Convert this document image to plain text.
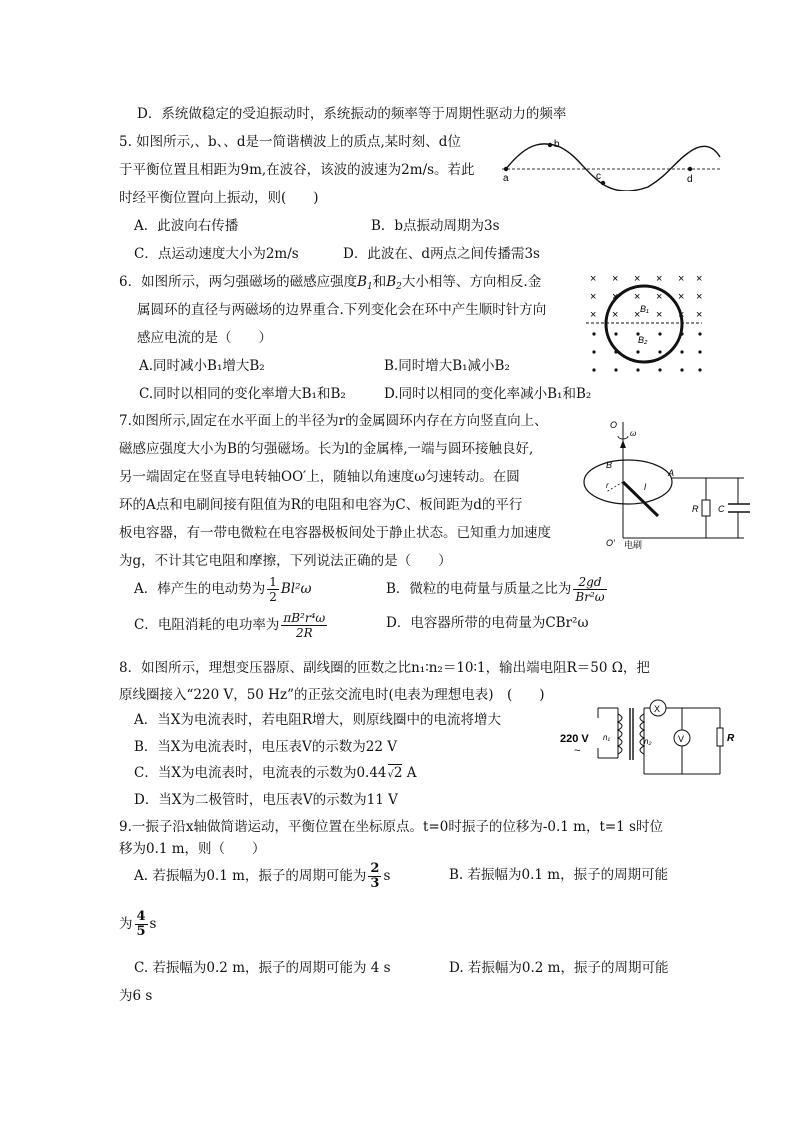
D．系统做稳定的受迫振动时，系统振动的频率等于周期性驱动力的频率
5. 如图所示,、b、、d是一简谐横波上的质点,某时刻、d位
于平衡位置且相距为9m,在波谷，该波的波速为2m/s。若此
时经平衡位置向上振动，则(　　)
A．此波向右传播	B．b点振动周期为3s
C．点运动速度大小为2m/s	D．此波在、d两点之间传播需3s
a
b
c	d
6．如图所示，两匀强磁场的磁感应强度$B_1$和$B_2$大小相等、方向相反.金
属圆环的直径与两磁场的边界重合.下列变化会在环中产生顺时针方向
感应电流的是（　　）
A.同时减小B₁增大B₂	B.同时增大B₁减小B₂
C.同时以相同的变化率增大B₁和B₂	D.同时以相同的变化率减小B₁和B₂
× × × × × ×
× × × × × ×
× × × × × ×
B₁
B₂
7.如图所示,固定在水平面上的半径为r的金属圆环内存在方向竖直向上、
磁感应强度大小为B的匀强磁场。长为l的金属棒,一端与圆环接触良好,
另一端固定在竖直导电转轴OO′上，随轴以角速度ω匀速转动。在圆
环的A点和电刷间接有阻值为R的电阻和电容为C、板间距为d的平行
板电容器，有一带电微粒在电容器极板间处于静止状态。已知重力加速度
为g，不计其它电阻和摩擦，下列说法正确的是（　　）
A．棒产生的电动势为 $\frac{1}{2} Bl^2\omega$	B．微粒的电荷量与质量之比为 $\frac{2gd}{\text{Br²ω}}$
C．电阻消耗的电功率为 $\frac{\text{πB²r⁴ω}}{2R}$	D．电容器所带的电荷量为CBr²ω
O
ω
B
A
r	l
R C
O′ 电刷
8．如图所示，理想变压器原、副线圈的匝数之比n₁∶n₂＝10∶1，输出端电阻R＝50 Ω，把
原线圈接入“220 V，50 Hz”的正弦交流电时(电表为理想电表)　(　　)
A．当X为电流表时，若电阻R增大，则原线圈中的电流将增大
B．当X为电流表时，电压表V的示数为22 V
C．当X为电流表时，电流表的示数为0.44√2 A
D．当X为二极管时，电压表V的示数为11 V
220 V
~
n₁	n₂
X
V	R
9.一振子沿x轴做简谐运动，平衡位置在坐标原点。t=0时振子的位移为-0.1 m，t=1 s时位
移为0.1 m，则（　　）
A. 若振幅为0.1 m，振子的周期可能为 $\frac{2}{3}$ s	B. 若振幅为0.1 m，振子的周期可能
为 $\frac{4}{5}$ s
C. 若振幅为0.2 m，振子的周期可能为 4 s	D. 若振幅为0.2 m，振子的周期可能
为6 s
